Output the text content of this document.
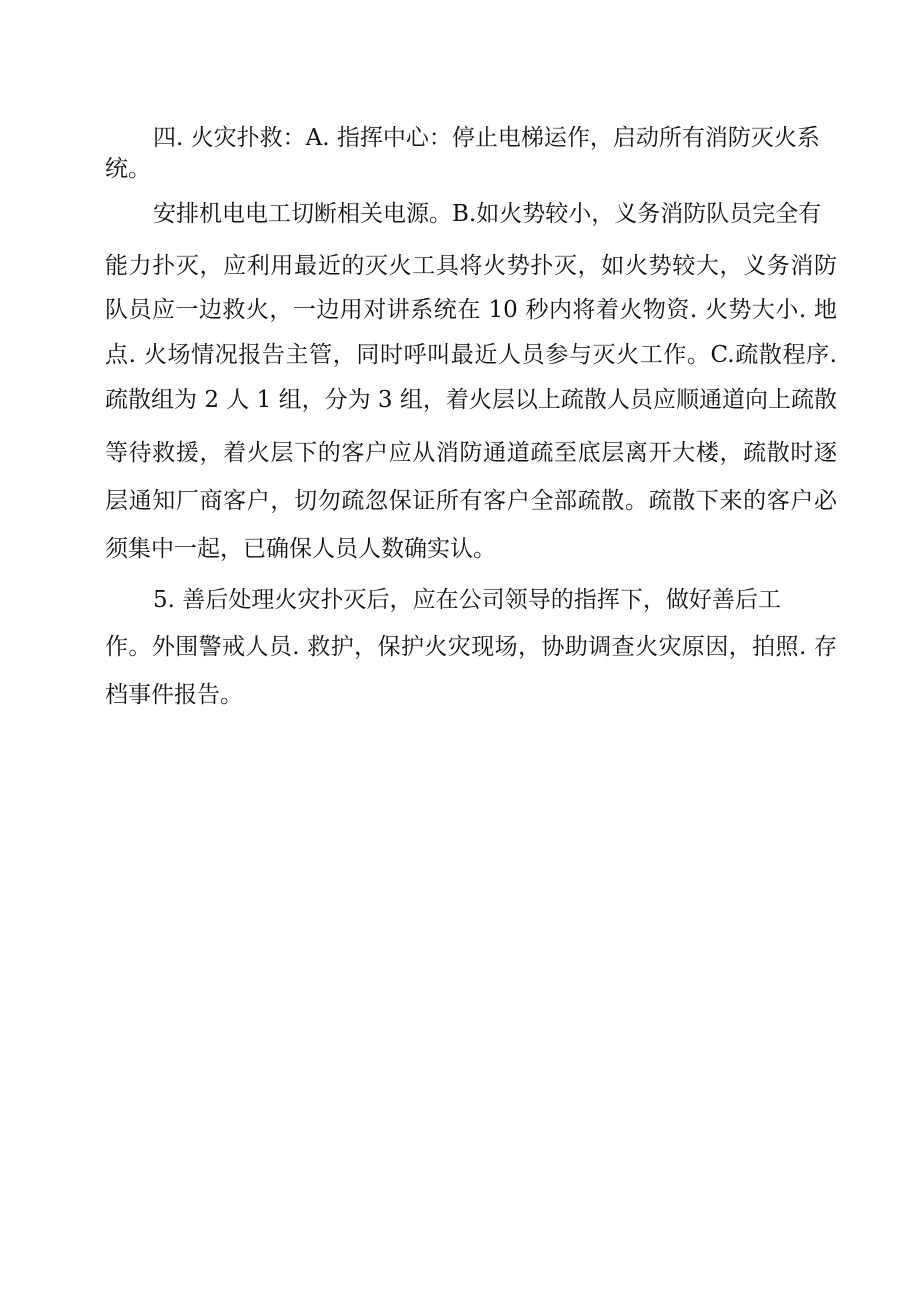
四. 火灾扑救：A. 指挥中心：停止电梯运作，启动所有消防灭火系
统。
安排机电电工切断相关电源。B.如火势较小，义务消防队员完全有
能力扑灭，应利用最近的灭火工具将火势扑灭，如火势较大，义务消防
队员应一边救火，一边用对讲系统在 10 秒内将着火物资. 火势大小. 地
点. 火场情况报告主管，同时呼叫最近人员参与灭火工作。C.疏散程序.
疏散组为 2 人 1 组，分为 3 组，着火层以上疏散人员应顺通道向上疏散
等待救援，着火层下的客户应从消防通道疏至底层离开大楼，疏散时逐
层通知厂商客户，切勿疏忽保证所有客户全部疏散。疏散下来的客户必
须集中一起，已确保人员人数确实认。
5. 善后处理火灾扑灭后，应在公司领导的指挥下，做好善后工
作。外围警戒人员. 救护，保护火灾现场，协助调查火灾原因，拍照. 存
档事件报告。
